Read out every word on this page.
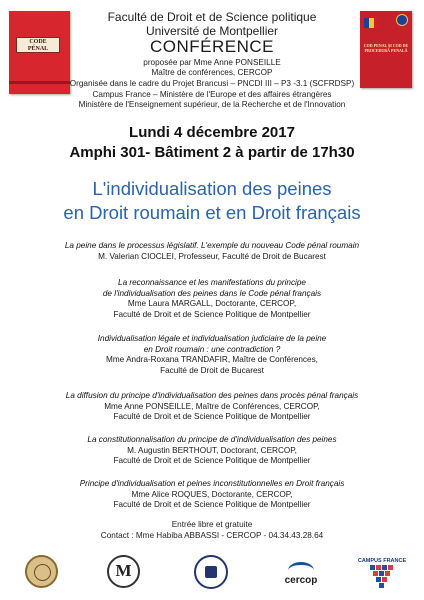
CODE
PÉNAL	COD PENAL ȘI COD DE PROCEDURĂ PENALĂ
Faculté de Droit et de Science politique
Université de Montpellier
CONFÉRENCE
proposée par Mme Anne PONSEILLE
Maître de conférences, CERCOP
Organisée dans le cadre du Projet Brancusi – PNCDI III – P3 -3.1 (SCFRDSP)
Campus France – Ministère de l'Europe et des affaires étrangères
Ministère de l'Enseignement supérieur, de la Recherche et de l'Innovation
Lundi 4 décembre 2017
Amphi 301- Bâtiment 2 à partir de 17h30
L'individualisation des peines
en Droit roumain et en Droit français
La peine dans le processus législatif. L'exemple du nouveau Code pénal roumain
M. Valerian CIOCLEI, Professeur, Faculté de Droit de Bucarest
La reconnaissance et les manifestations du principe
de l'individualisation des peines dans le Code pénal français
Mme Laura MARGALL, Doctorante, CERCOP,
Faculté de Droit et de Science Politique de Montpellier
Individualisation légale et individualisation judiciaire de la peine
en Droit roumain : une contradiction ?
Mme Andra-Roxana TRANDAFIR, Maître de Conférences,
Faculté de Droit de Bucarest
La diffusion du principe d'individualisation des peines dans procès pénal français
Mme Anne PONSEILLE, Maître de Conférences, CERCOP,
Faculté de Droit et de Science Politique de Montpellier
La constitutionnalisation du principe de d'individualisation des peines
M. Augustin BERTHOUT, Doctorant, CERCOP,
Faculté de Droit et de Science Politique de Montpellier
Principe d'individualisation et peines inconstitutionnelles en Droit français
Mme Alice ROQUES, Doctorante, CERCOP,
Faculté de Droit et de Science Politique de Montpellier
Entrée libre et gratuite
Contact : Mme Habiba ABBASSI - CERCOP - 04.34.43.28.64
M
cercop
CAMPUS FRANCE
